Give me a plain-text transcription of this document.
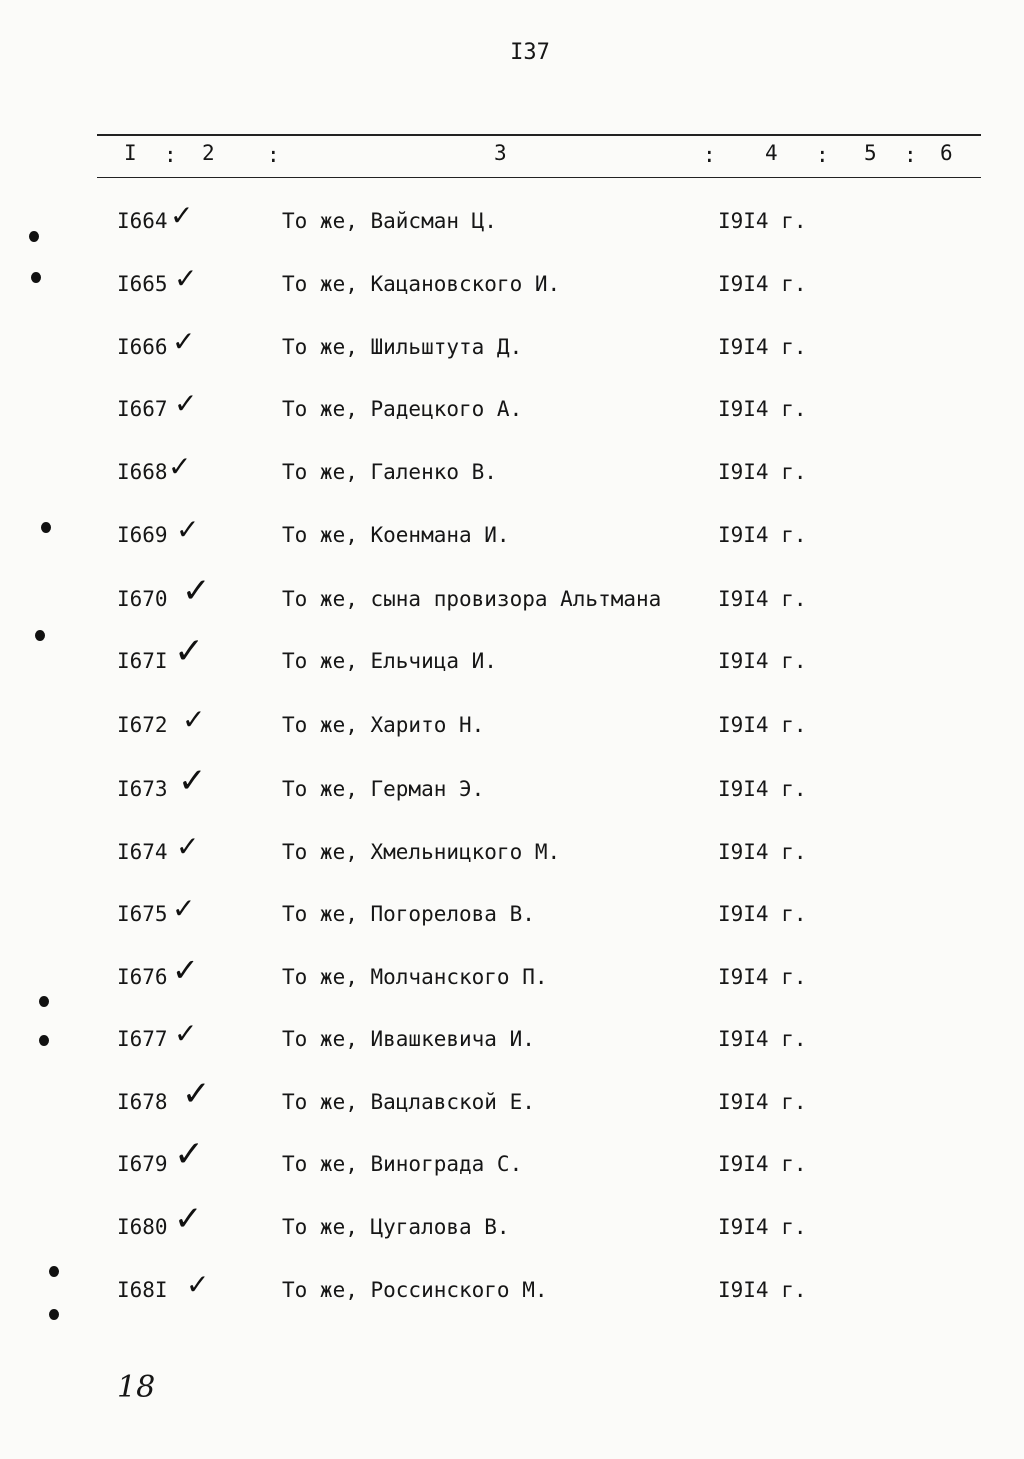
I37
I : 2 :	3	: 4 : 5 : 6
I664 ✓	То же, Вайсман Ц.	I9I4 г.
I665 ✓	То же, Кацановского И.	I9I4 г.
I666 ✓	То же, Шильштута Д.	I9I4 г.
I667 ✓	То же, Радецкого А.	I9I4 г.
I668 ✓	То же, Галенко В.	I9I4 г.
I669 ✓	То же, Коенмана И.	I9I4 г.
I670 ✓	То же, сына провизора Альтмана	I9I4 г.
I67I ✓	То же, Ельчица И.	I9I4 г.
I672 ✓	То же, Харито Н.	I9I4 г.
I673 ✓	То же, Герман Э.	I9I4 г.
I674 ✓	То же, Хмельницкого М.	I9I4 г.
I675 ✓	То же, Погорелова В.	I9I4 г.
I676 ✓	То же, Молчанского П.	I9I4 г.
I677 ✓	То же, Ивашкевича И.	I9I4 г.
I678 ✓	То же, Вацлавской Е.	I9I4 г.
I679 ✓	То же, Винограда С.	I9I4 г.
I680 ✓	То же, Цугалова В.	I9I4 г.
I68I ✓	То же, Россинского М.	I9I4 г.
18
